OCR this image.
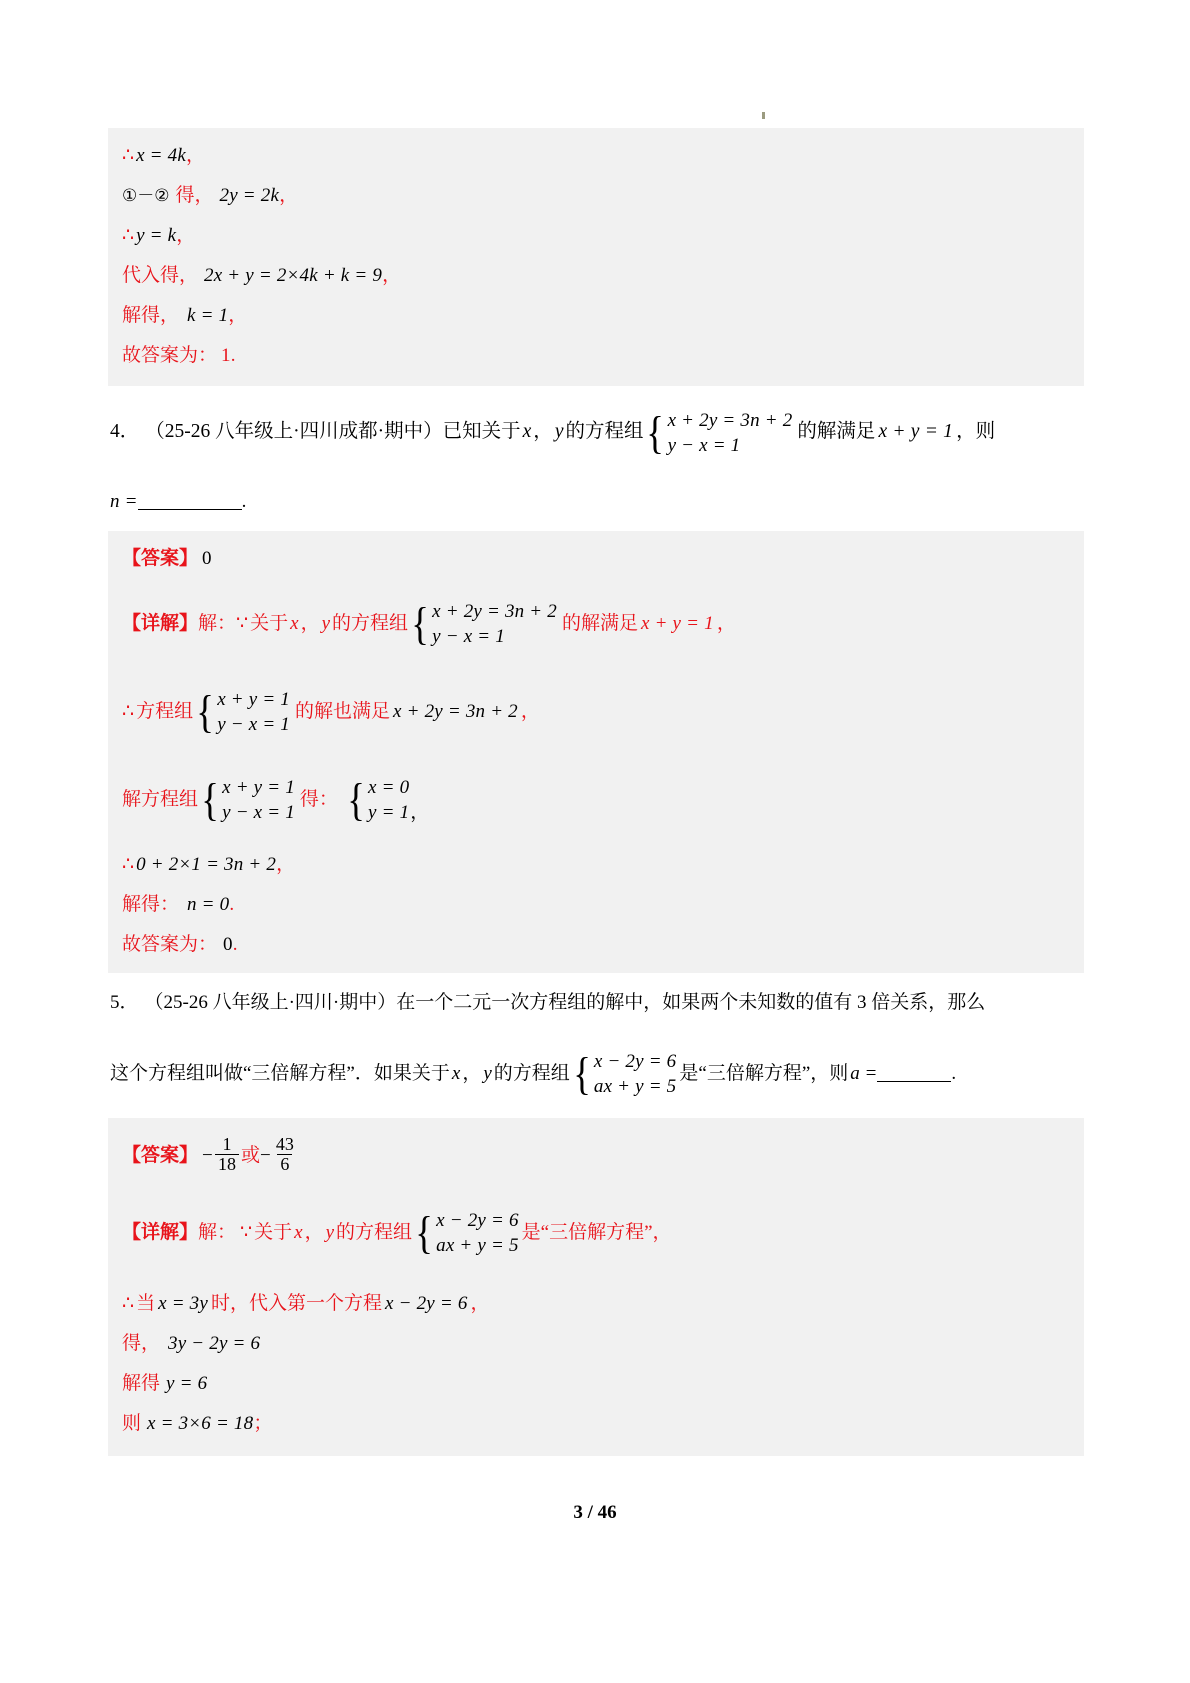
∴ x = 4k ，
①－② 得， 2y = 2k ，
∴ y = k ，
代入得， 2x + y = 2×4k + k = 9 ，
解得， k = 1 ，
故答案为： 1 .
4． （25-26 八年级上·四川成都·期中） 已知关于 x ， y 的方程组 { x + 2y = 3n + 2
y − x = 1
的解满足 x + y = 1 ，则
n =	.
【答案】 0
【详解】 解： ∵ 关于 x ， y 的方程组 { x + 2y = 3n + 2
y − x = 1
的解满足 x + y = 1 ，
∴ 方程组 { x + y = 1
y − x = 1
的解也满足 x + 2y = 3n + 2 ，
解方程组 { x + y = 1
y − x = 1
得： { x = 0
y = 1 ，
∴ 0 + 2×1 = 3n + 2 ，
解得： n = 0 .
故答案为： 0 .
5． （25-26 八年级上·四川·期中） 在一个二元一次方程组的解中，如果两个未知数的值有 3 倍关系，那么
这个方程组叫做“三倍解方程”．如果关于 x ， y 的方程组 { x − 2y = 6
ax + y = 5
是“三倍解方程”，则 a =	.
【答案】 − $\frac{1}{18}$ 或 − $\frac{43}{6}$
【详解】 解： ∵ 关于 x ， y 的方程组 { x − 2y = 6
ax + y = 5
是“三倍解方程”，
∴ 当 x = 3y 时，代入第一个方程 x − 2y = 6 ，
得， 3y − 2y = 6
解得 y = 6
则 x = 3×6 = 18 ；
3 / 46
